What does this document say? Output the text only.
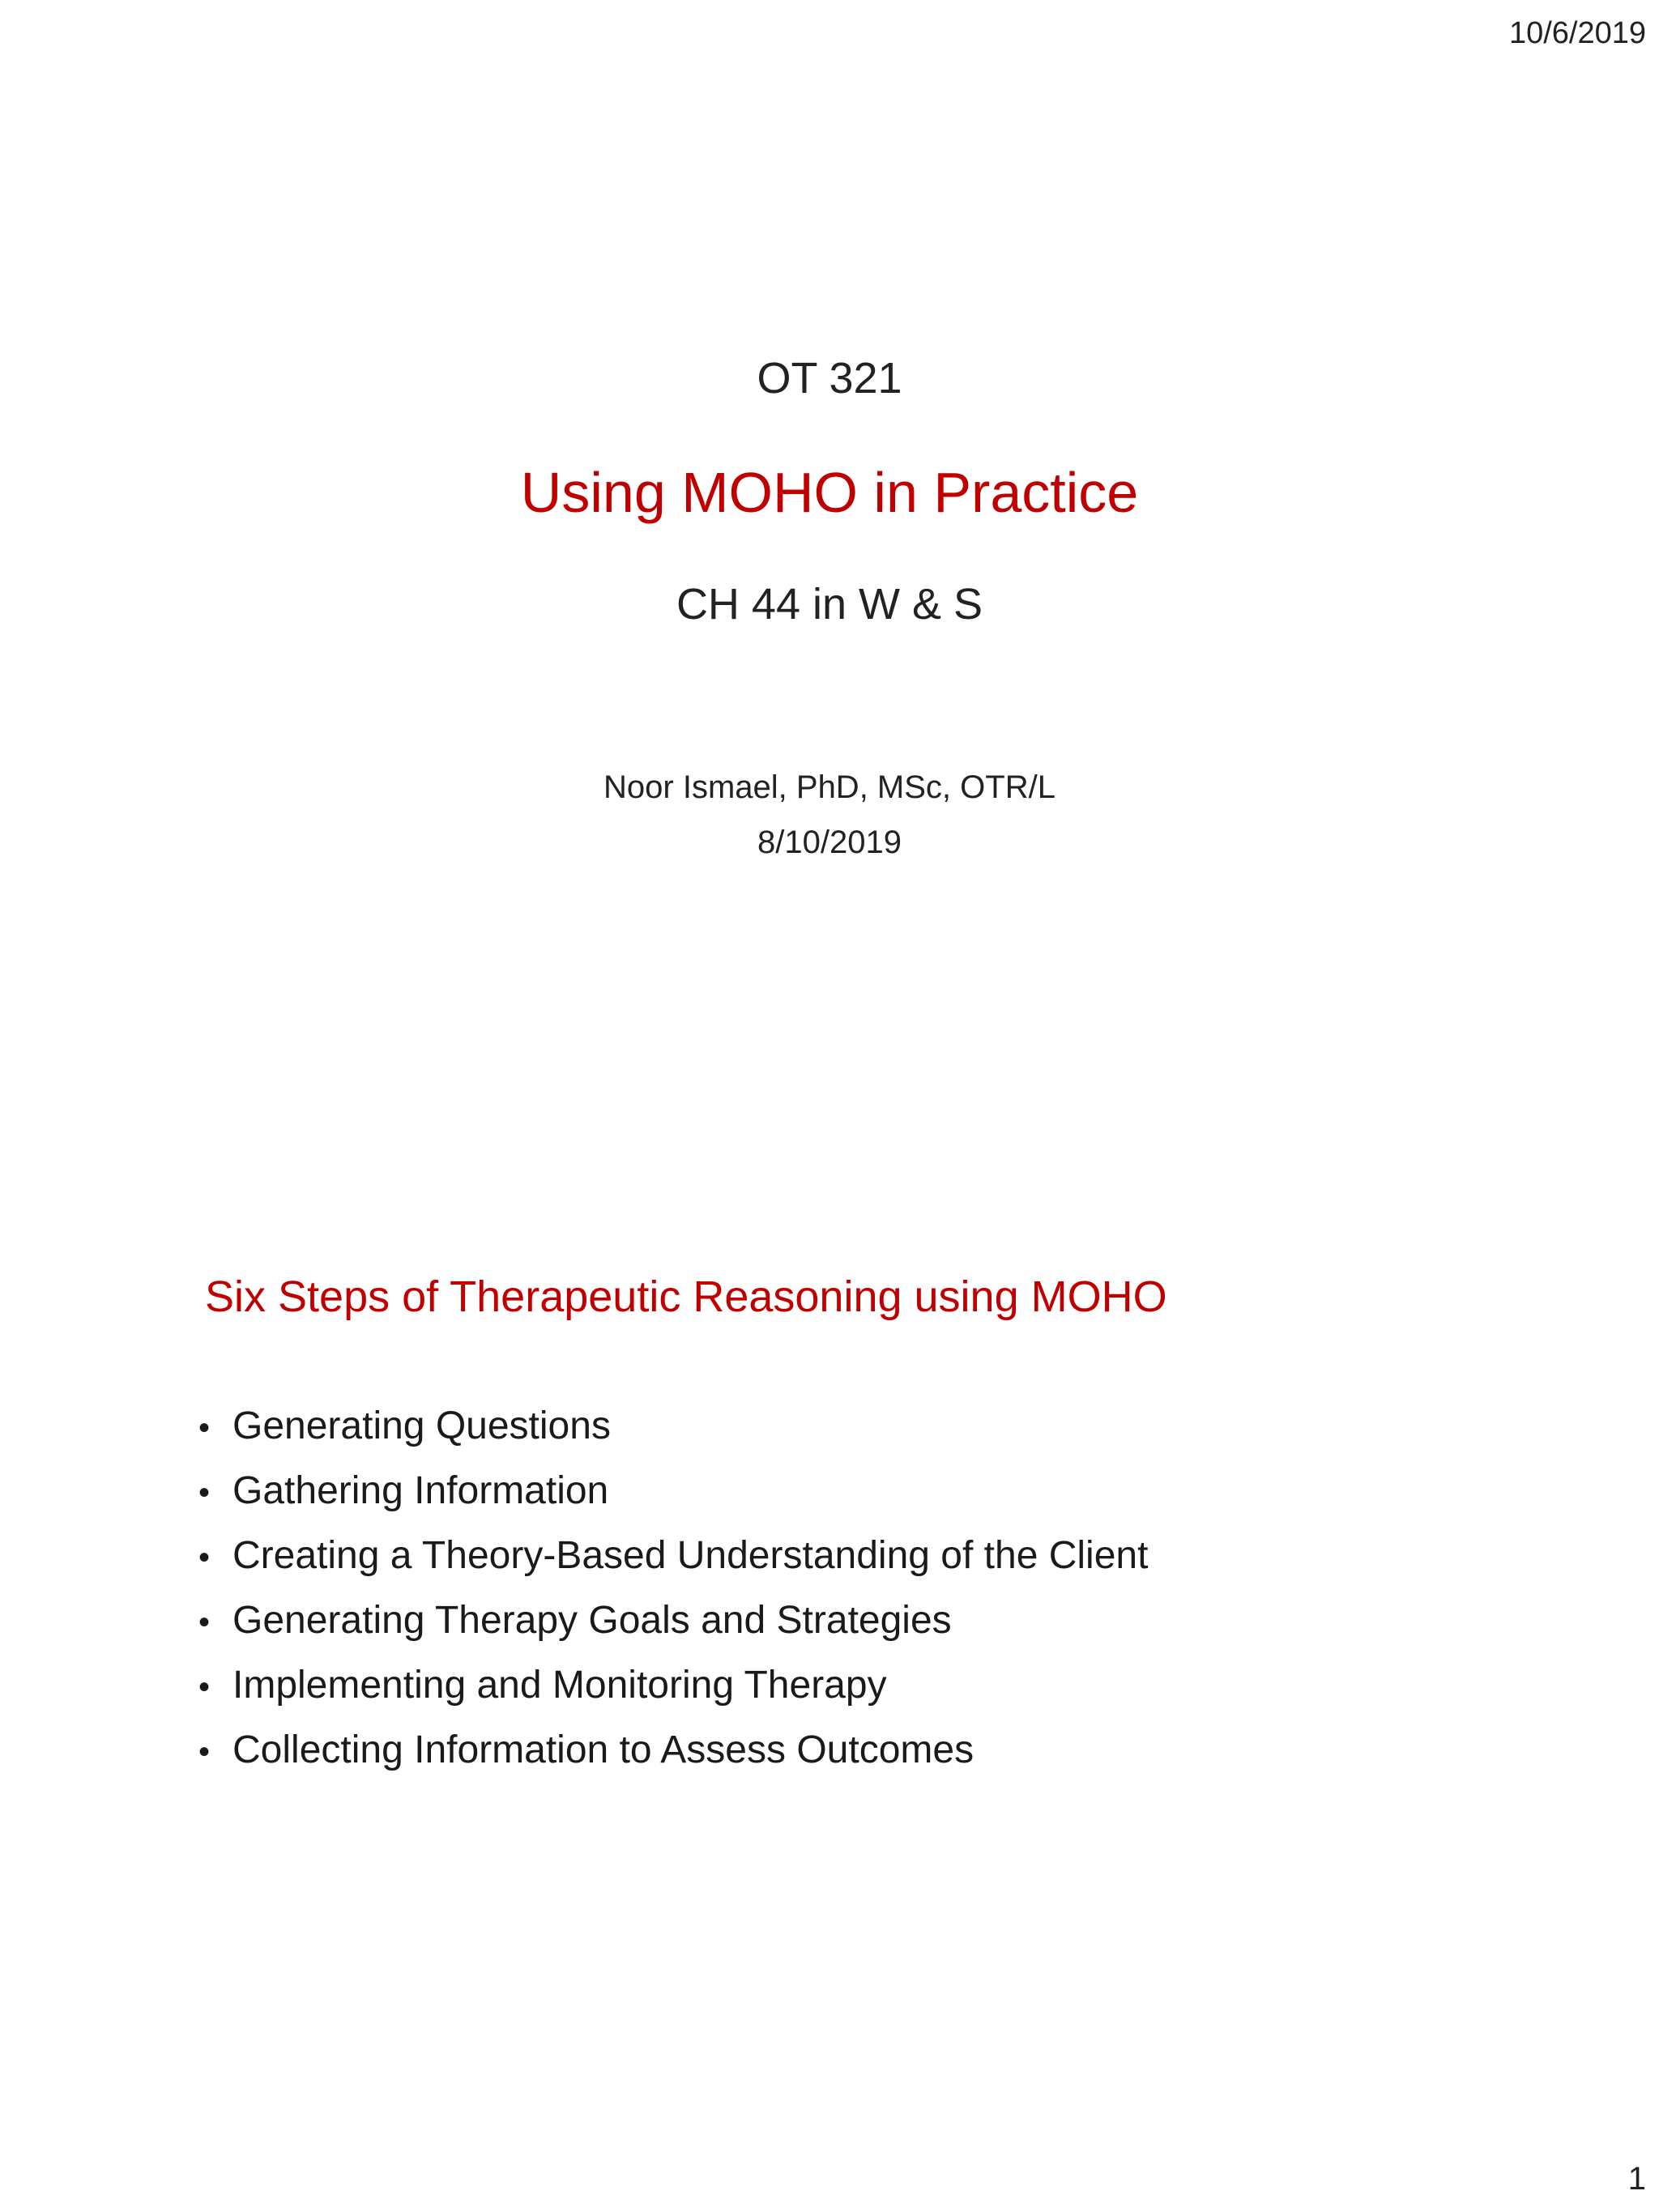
10/6/2019
OT 321
Using MOHO in Practice
CH 44 in W & S
Noor Ismael, PhD, MSc, OTR/L
8/10/2019
Six Steps of Therapeutic Reasoning using MOHO
• Generating Questions
• Gathering Information
• Creating a Theory-Based Understanding of the Client
• Generating Therapy Goals and Strategies
• Implementing and Monitoring Therapy
• Collecting Information to Assess Outcomes
1
